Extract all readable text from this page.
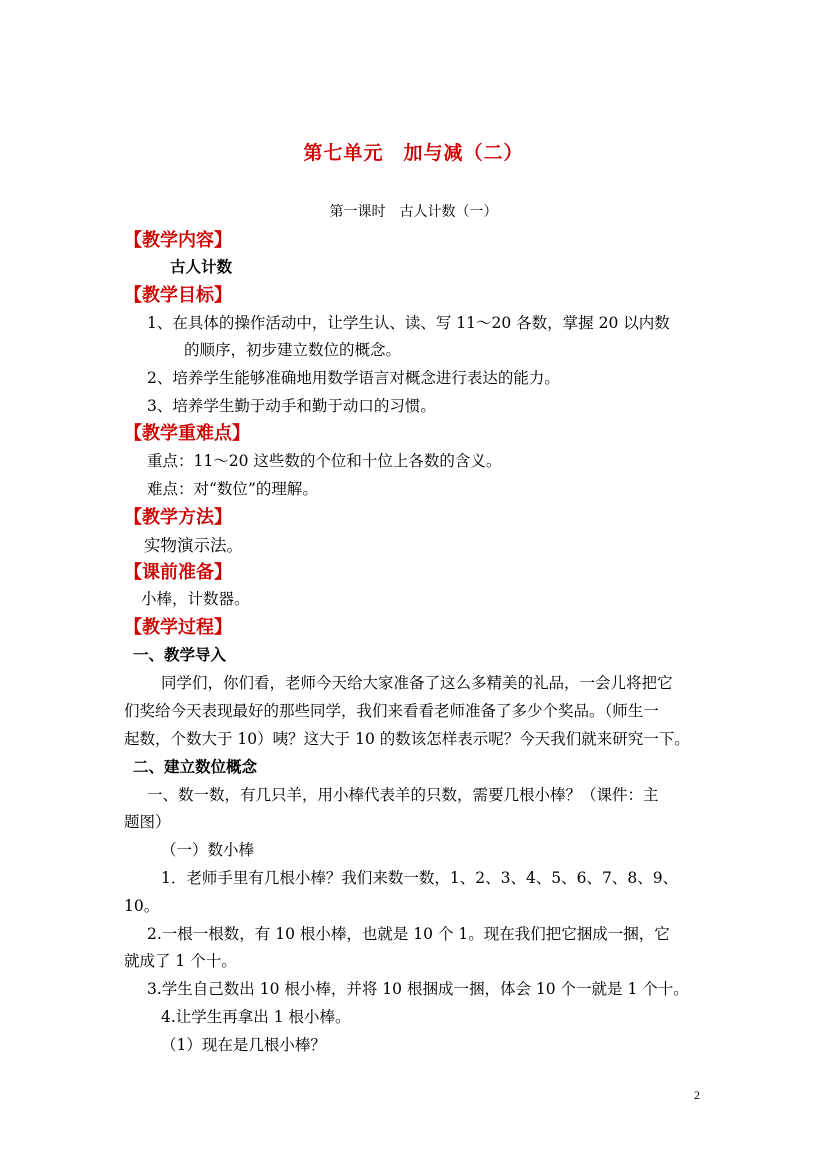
第七单元　加与减（二）
第一课时　古人计数（一）
【教学内容】
古人计数
【教学目标】
1、在具体的操作活动中，让学生认、读、写 11～20 各数，掌握 20 以内数
的顺序，初步建立数位的概念。
2、培养学生能够准确地用数学语言对概念进行表达的能力。
3、培养学生勤于动手和勤于动口的习惯。
【教学重难点】
重点：11～20 这些数的个位和十位上各数的含义。
难点：对“数位”的理解。
【教学方法】
实物演示法。
【课前准备】
小棒，计数器。
【教学过程】
一、教学导入
同学们，你们看，老师今天给大家准备了这么多精美的礼品，一会儿将把它
们奖给今天表现最好的那些同学，我们来看看老师准备了多少个奖品。（师生一
起数，个数大于 10）咦？这大于 10 的数该怎样表示呢？今天我们就来研究一下。
二、建立数位概念
一、数一数，有几只羊，用小棒代表羊的只数，需要几根小棒？（课件：主
题图）
（一）数小棒
1．老师手里有几根小棒？我们来数一数，1、2、3、4、5、6、7、8、9、
10。
2.一根一根数，有 10 根小棒，也就是 10 个 1。现在我们把它捆成一捆，它
就成了 1 个十。
3.学生自己数出 10 根小棒，并将 10 根捆成一捆，体会 10 个一就是 1 个十。
4.让学生再拿出 1 根小棒。
（1）现在是几根小棒？
2
